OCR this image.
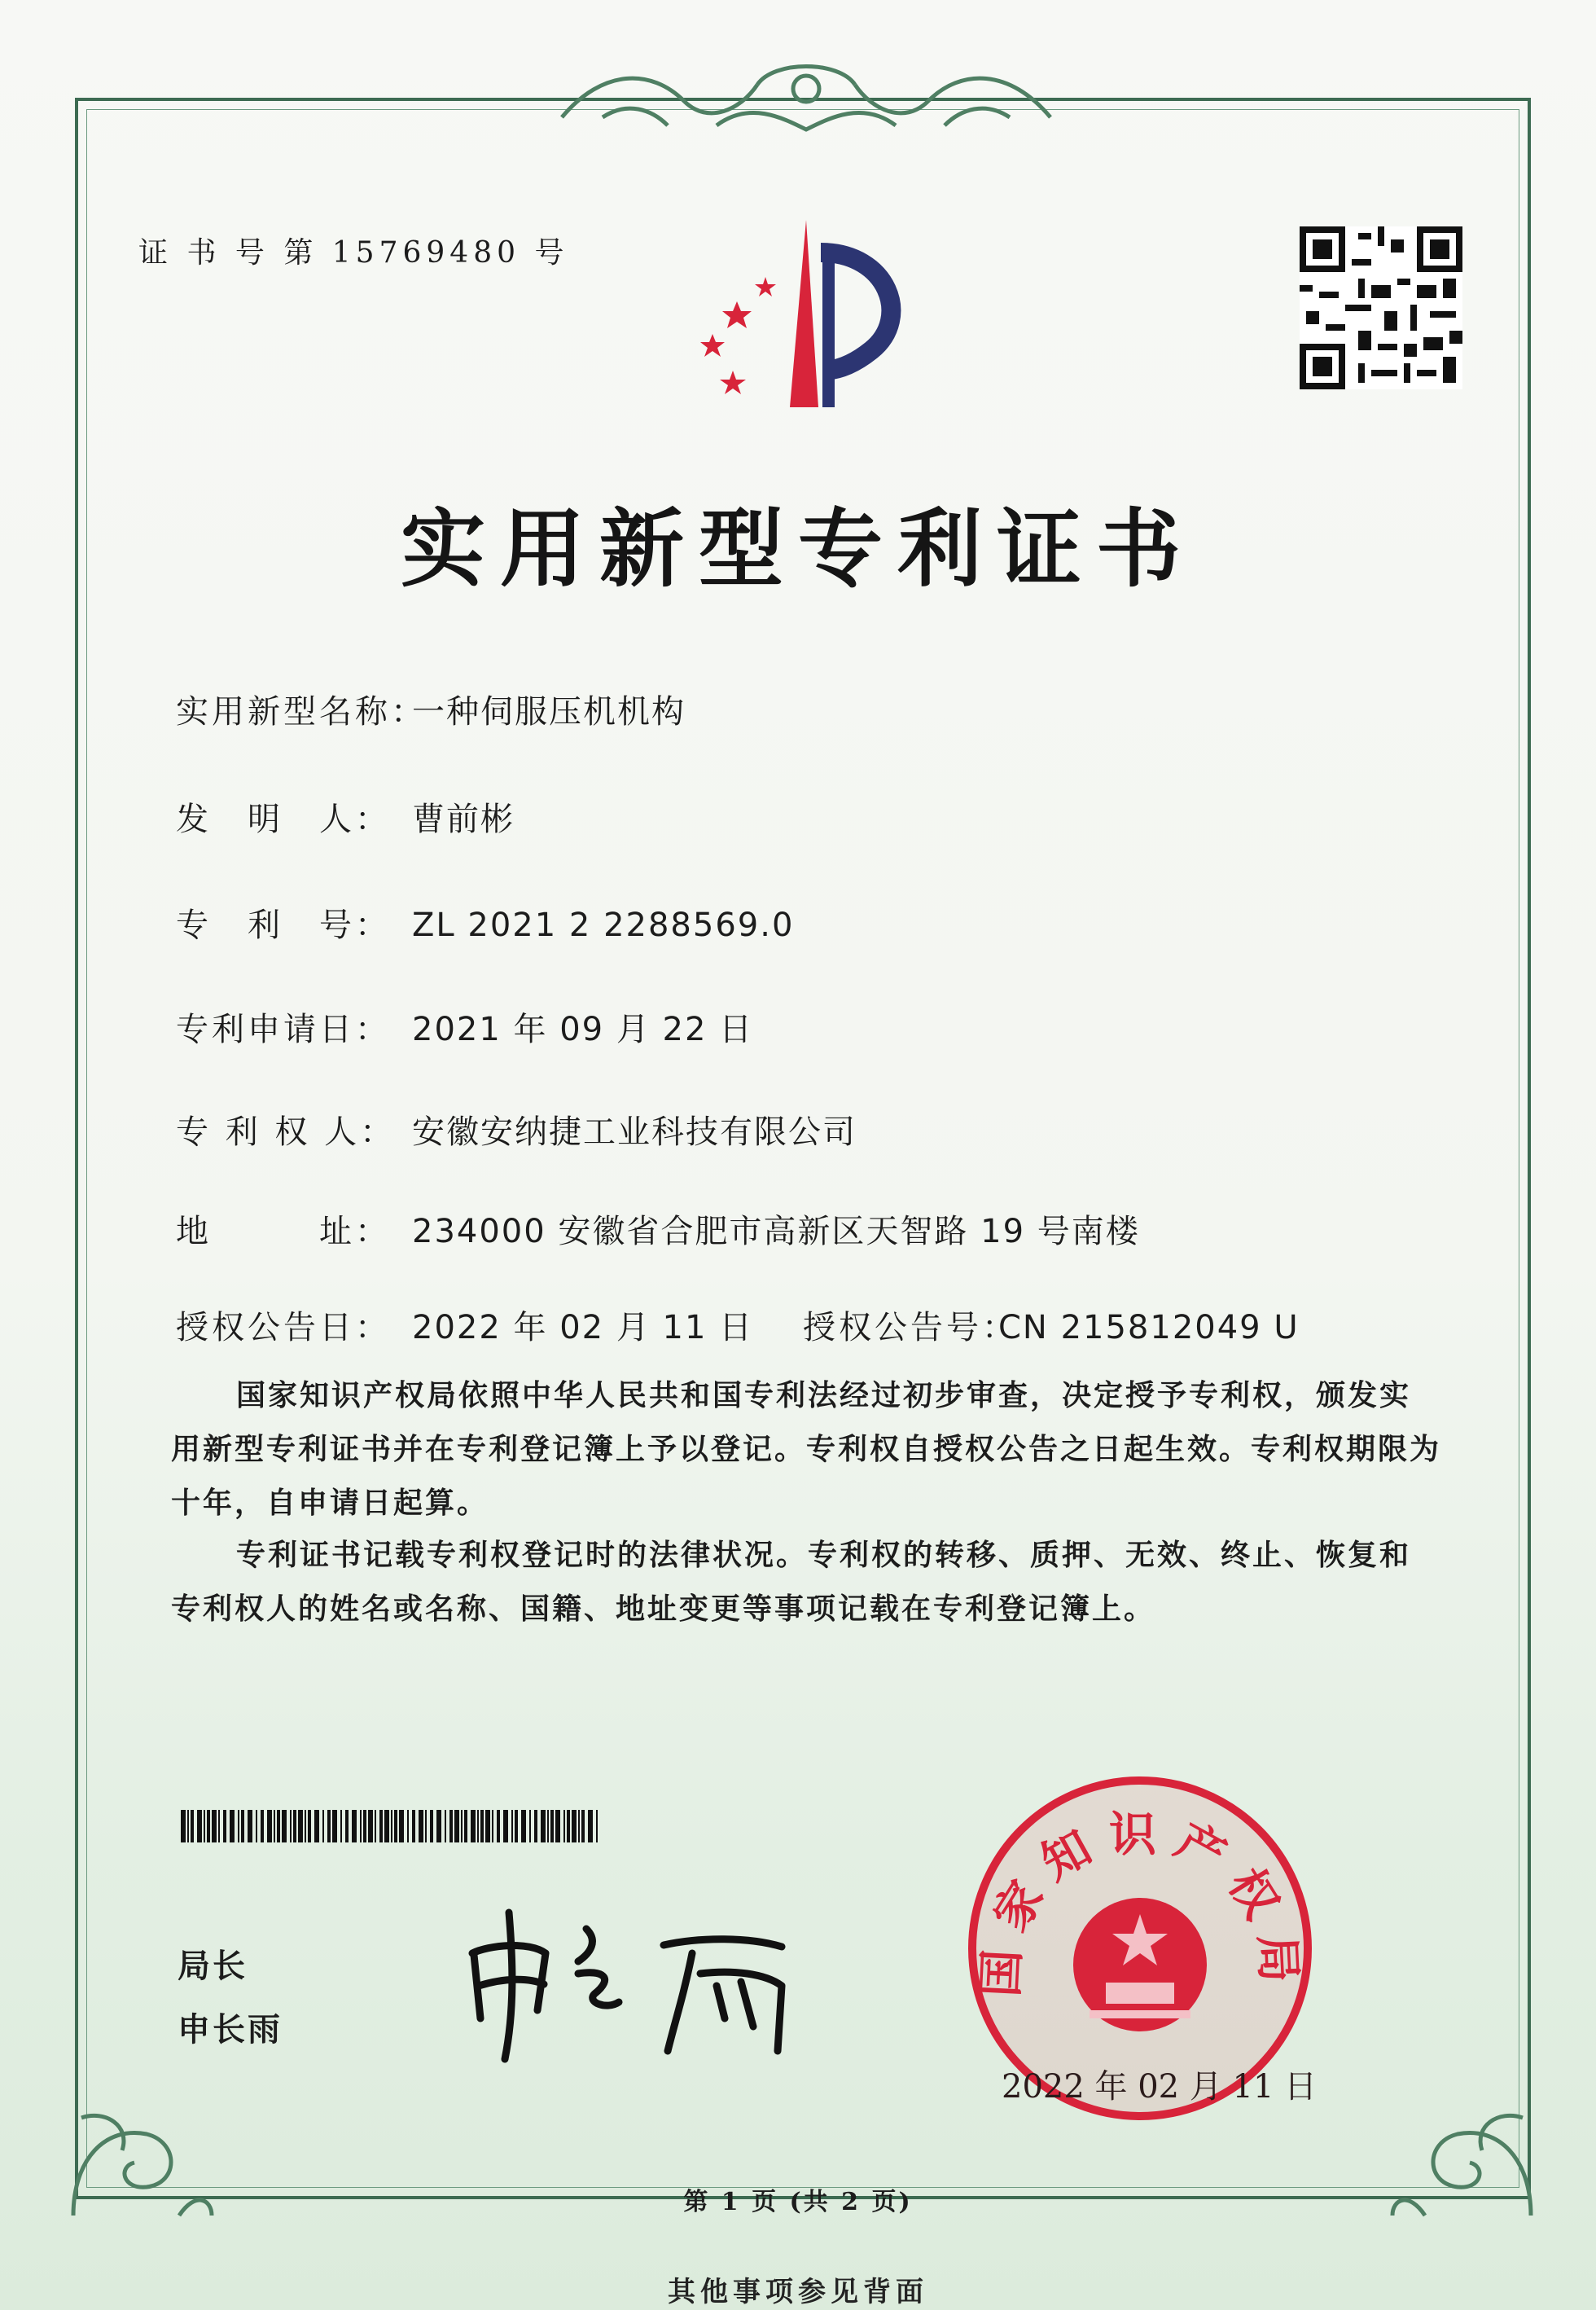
证 书 号 第 15769480 号
实用新型专利证书
实用新型名称：一种伺服压机机构
发　明　人： 曹前彬
专　利　号： ZL 2021 2 2288569.0
专利申请日： 2021 年 09 月 22 日
专 利 权 人： 安徽安纳捷工业科技有限公司
地　　　址： 234000 安徽省合肥市高新区天智路 19 号南楼
授权公告日： 2022 年 02 月 11 日 授权公告号：CN 215812049 U
国家知识产权局依照中华人民共和国专利法经过初步审查，决定授予专利权，颁发实用新型专利证书并在专利登记簿上予以登记。专利权自授权公告之日起生效。专利权期限为十年，自申请日起算。
专利证书记载专利权登记时的法律状况。专利权的转移、质押、无效、终止、恢复和专利权人的姓名或名称、国籍、地址变更等事项记载在专利登记簿上。
局长
申长雨
国家知识产权局
2022 年 02 月 11 日
第 1 页 (共 2 页)
其他事项参见背面
